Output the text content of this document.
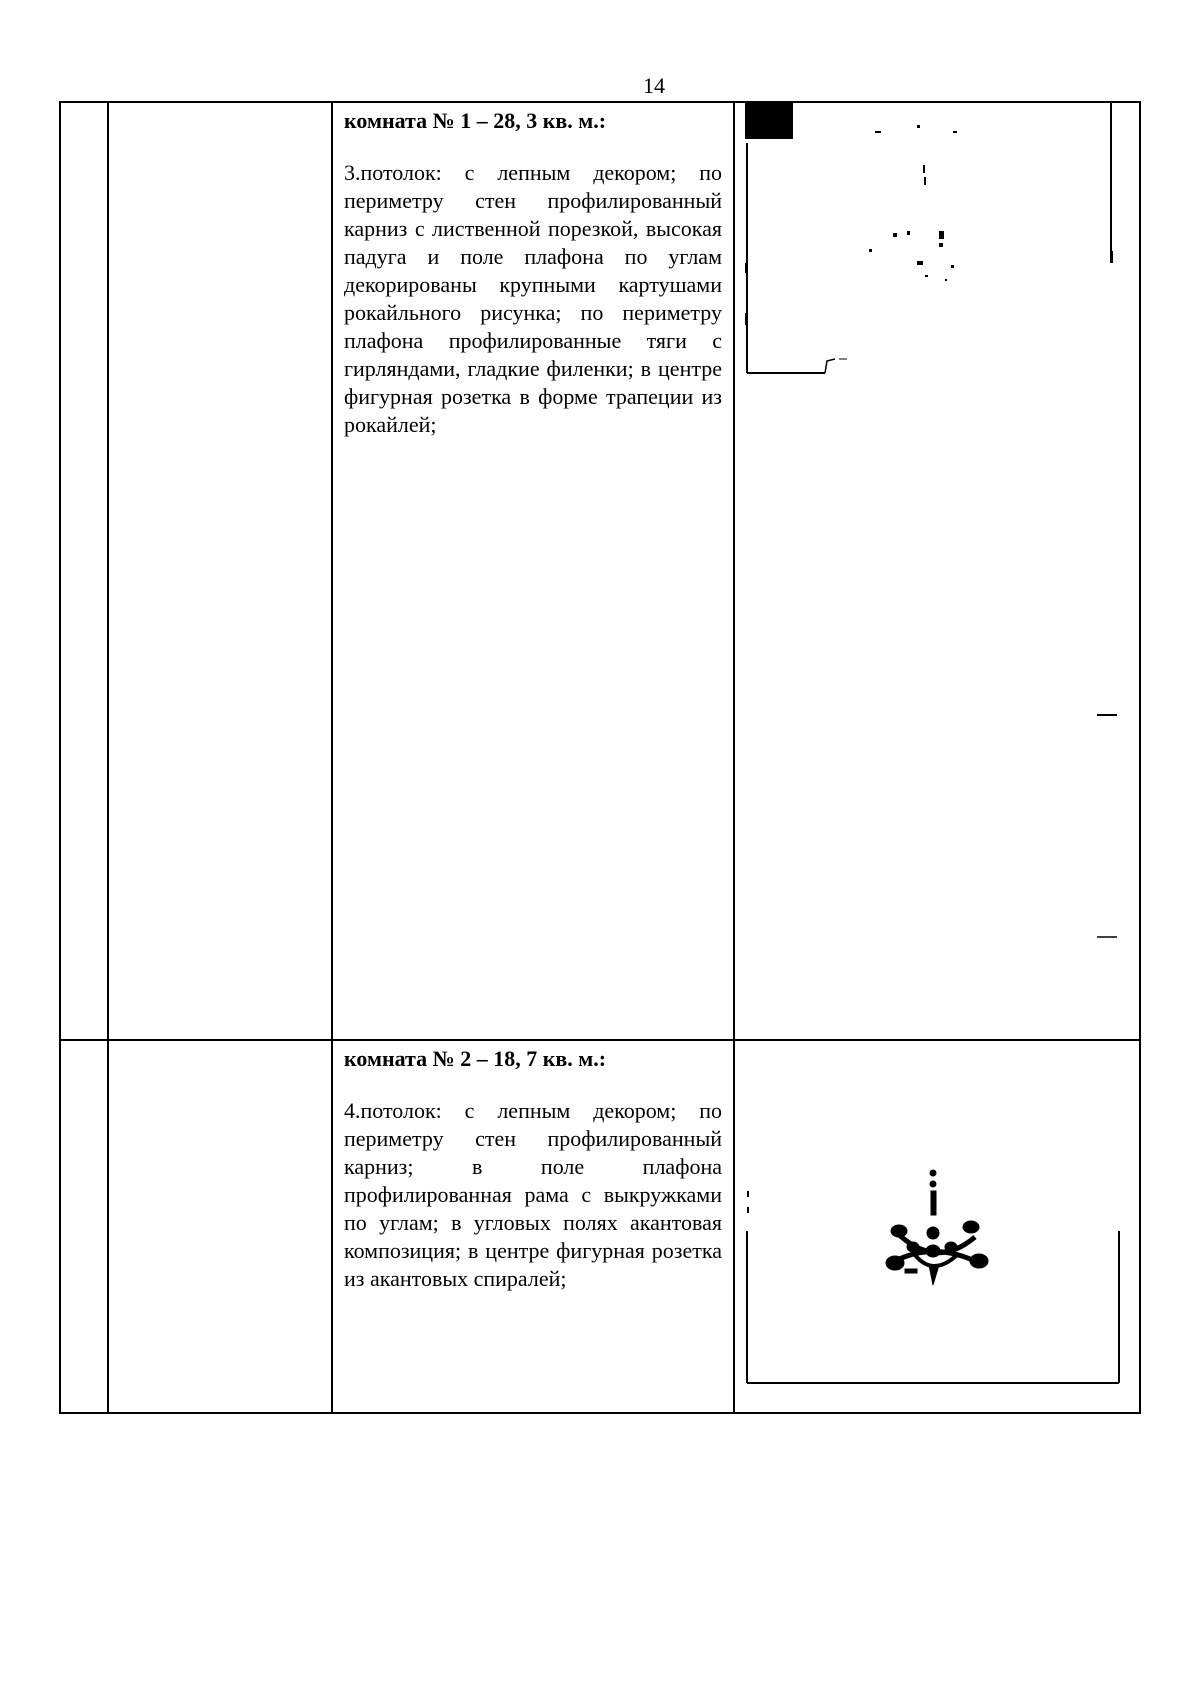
14

		комната № 1 – 28, 3 кв. м.:

3.потолок: с лепным декором; по периметру стен профилированный карниз с лиственной порезкой, высокая падуга и поле плафона по углам декорированы крупными картушами рокайльного рисунка; по периметру плафона профилированные тяги с гирляндами, гладкие филенки; в центре фигурная розетка в форме трапеции из рокайлей;

		комната № 2 – 18, 7 кв. м.:

4.потолок: с лепным декором; по периметру стен профилированный карниз; в поле плафона профилированная рама с выкружками по углам; в угловых полях акантовая композиция; в центре фигурная розетка из акантовых спиралей;
